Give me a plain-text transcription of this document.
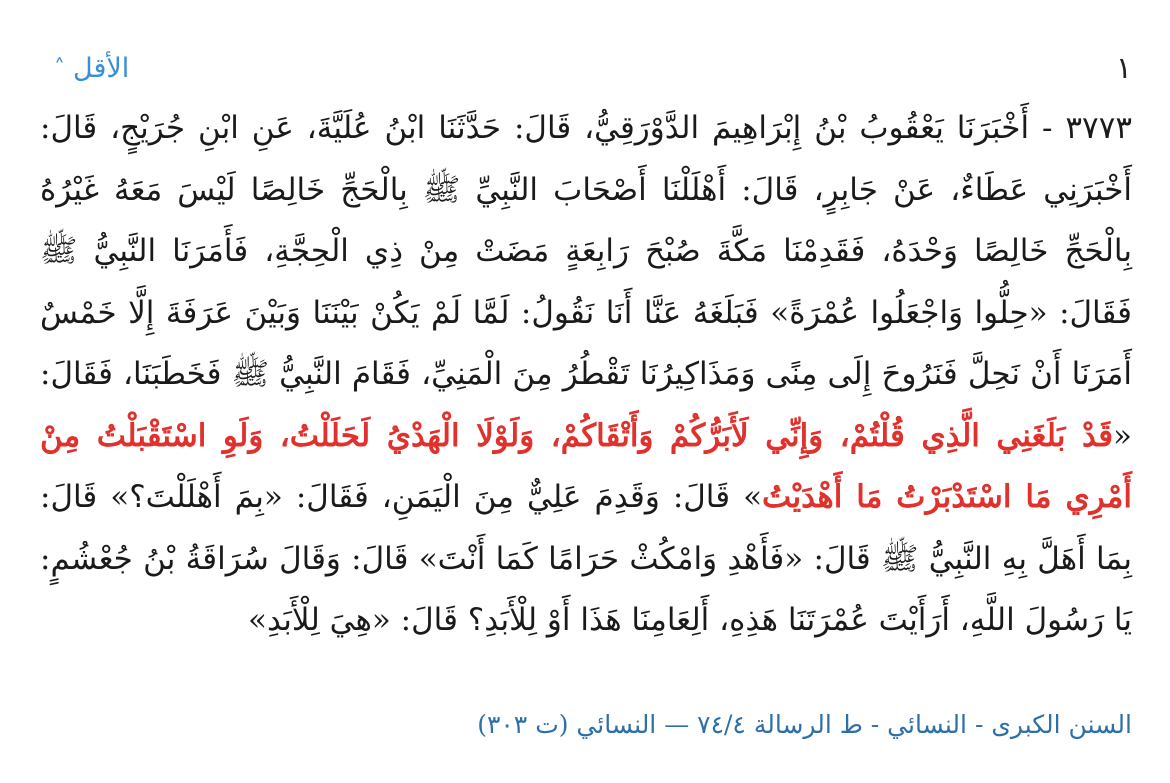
˄ الأقل	١
٣٧٧٣ - أَخْبَرَنَا يَعْقُوبُ بْنُ إِبْرَاهِيمَ الدَّوْرَقِيُّ، قَالَ: حَدَّثَنَا ابْنُ عُلَيَّةَ، عَنِ ابْنِ جُرَيْجٍ، قَالَ: أَخْبَرَنِي عَطَاءٌ، عَنْ جَابِرٍ، قَالَ: أَهْلَلْنَا أَصْحَابَ النَّبِيِّ ﷺ بِالْحَجِّ خَالِصًا لَيْسَ مَعَهُ غَيْرُهُ بِالْحَجِّ خَالِصًا وَحْدَهُ، فَقَدِمْنَا مَكَّةَ صُبْحَ رَابِعَةٍ مَضَتْ مِنْ ذِي الْحِجَّةِ، فَأَمَرَنَا النَّبِيُّ ﷺ فَقَالَ: «حِلُّوا وَاجْعَلُوا عُمْرَةً» فَبَلَغَهُ عَنَّا أَنَا نَقُولُ: لَمَّا لَمْ يَكُنْ بَيْنَنَا وَبَيْنَ عَرَفَةَ إِلَّا خَمْسٌ أَمَرَنَا أَنْ نَحِلَّ فَنَرُوحَ إِلَى مِنًى وَمَذَاكِيرُنَا تَقْطُرُ مِنَ الْمَنِيِّ، فَقَامَ النَّبِيُّ ﷺ فَخَطَبَنَا، فَقَالَ: «قَدْ بَلَغَنِي الَّذِي قُلْتُمْ، وَإِنِّي لَأَبَرُّكُمْ وَأَتْقَاكُمْ، وَلَوْلَا الْهَدْيُ لَحَلَلْتُ، وَلَوِ اسْتَقْبَلْتُ مِنْ أَمْرِي مَا اسْتَدْبَرْتُ مَا أَهْدَيْتُ» قَالَ: وَقَدِمَ عَلِيٌّ مِنَ الْيَمَنِ، فَقَالَ: «بِمَ أَهْلَلْتَ؟» قَالَ: بِمَا أَهَلَّ بِهِ النَّبِيُّ ﷺ قَالَ: «فَأَهْدِ وَامْكُثْ حَرَامًا كَمَا أَنْتَ» قَالَ: وَقَالَ سُرَاقَةُ بْنُ جُعْشُمٍ: يَا رَسُولَ اللَّهِ، أَرَأَيْتَ عُمْرَتَنَا هَذِهِ، أَلِعَامِنَا هَذَا أَوْ لِلْأَبَدِ؟ قَالَ: «هِيَ لِلْأَبَدِ»
السنن الكبرى - النسائي - ط الرسالة ٧٤/٤ — النسائي (ت ٣٠٣)
